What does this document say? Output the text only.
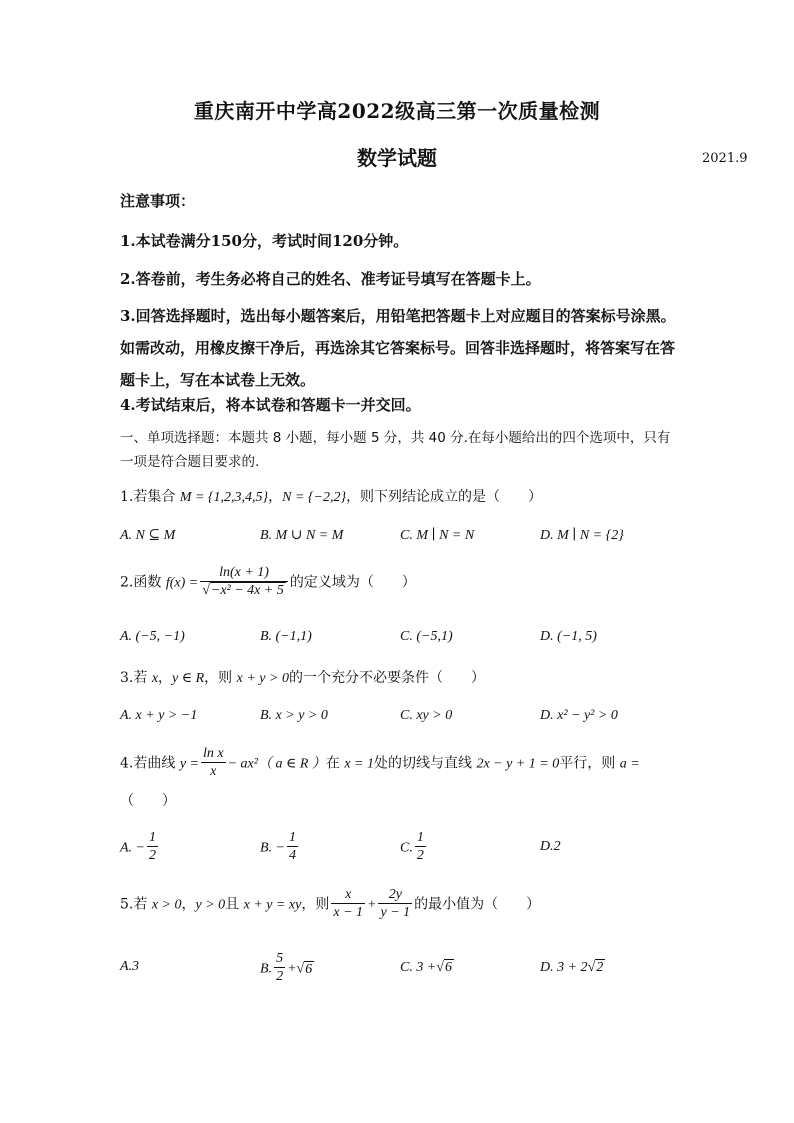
重庆南开中学高2022级高三第一次质量检测
数学试题	2021.9
注意事项：
1.本试卷满分150分，考试时间120分钟。
2.答卷前，考生务必将自己的姓名、准考证号填写在答题卡上。
3.回答选择题时，选出每小题答案后，用铅笔把答题卡上对应题目的答案标号涂黑。如需改动，用橡皮擦干净后，再选涂其它答案标号。回答非选择题时，将答案写在答题卡上，写在本试卷上无效。
4.考试结束后，将本试卷和答题卡一并交回。
一、单项选择题：本题共 8 小题，每小题 5 分，共 40 分.在每小题给出的四个选项中，只有一项是符合题目要求的.
1.若集合 M = {1,2,3,4,5}，N = {−2,2}，则下列结论成立的是（　　）
A. N ⊆ M	B. M ∪ N = M	C. M ∣ N = N	D. M ∣ N = {2}
2.函数 $f(x) = \frac{\ln(x + 1)}{\text{√−x² − 4x + 5}}$ 的定义域为（　　）
A. (−5, −1)	B. (−1,1)	C. (−5,1)	D. (−1, 5)
3.若 x，y ∈ R，则 x + y > 0的一个充分不必要条件（　　）
A. x + y > −1	B. x > y > 0	C. xy > 0	D. x² − y² > 0
4.若曲线 $y = \frac{\text{ln x}}{x} - ax^2$（ a ∈ R ）在 x = 1处的切线与直线 2x − y + 1 = 0平行，则 a =
（　　）
A. − $\frac{1}{2}$	B. − $\frac{1}{4}$	C. $\frac{1}{2}$	D.2
5.若 x > 0，y > 0且 x + y = xy，则 $\frac{x}{x - 1} + \frac{2y}{y - 1}$ 的最小值为（　　）
A.3	B. $\frac{5}{2} +√6$	C. 3 +√6	D. 3 + 2√2
